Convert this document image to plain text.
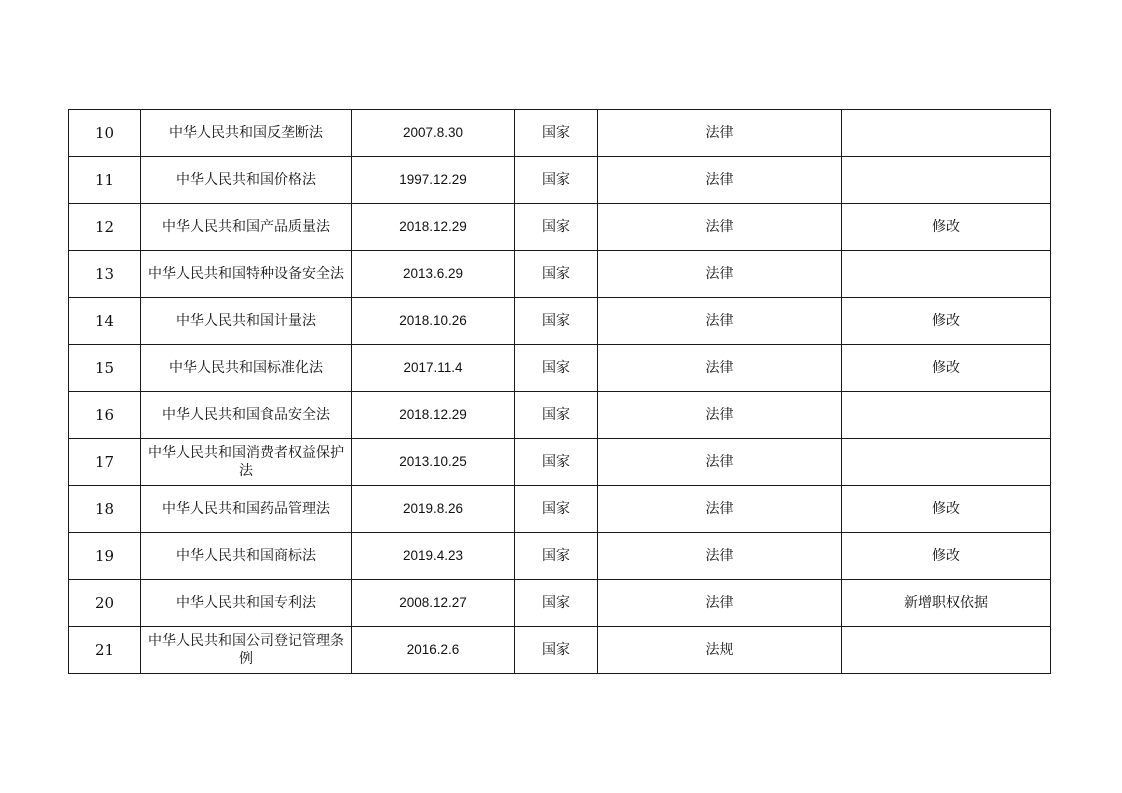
10	中华人民共和国反垄断法	2007.8.30	国家	法律	
11	中华人民共和国价格法	1997.12.29	国家	法律	
12	中华人民共和国产品质量法	2018.12.29	国家	法律	修改
13	中华人民共和国特种设备安全法	2013.6.29	国家	法律	
14	中华人民共和国计量法	2018.10.26	国家	法律	修改
15	中华人民共和国标准化法	2017.11.4	国家	法律	修改
16	中华人民共和国食品安全法	2018.12.29	国家	法律	
17	中华人民共和国消费者权益保护法	2013.10.25	国家	法律	
18	中华人民共和国药品管理法	2019.8.26	国家	法律	修改
19	中华人民共和国商标法	2019.4.23	国家	法律	修改
20	中华人民共和国专利法	2008.12.27	国家	法律	新增职权依据
21	中华人民共和国公司登记管理条例	2016.2.6	国家	法规	
